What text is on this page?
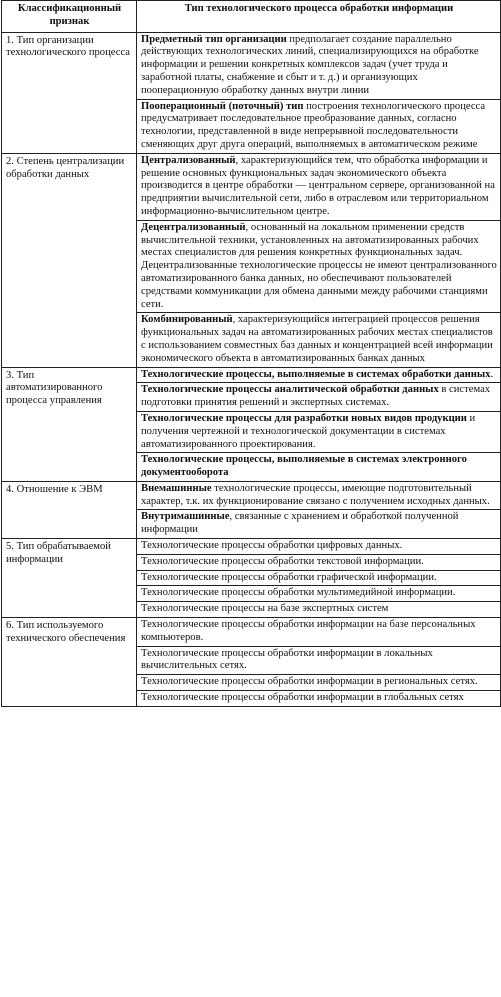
Классификационный признак	Тип технологического процесса обработки информации
1. Тип организации технологического процесса	Предметный тип организации предполагает создание параллельно действующих технологических линий, специализирующихся на обработке информации и решении конкретных комплексов задач (учет труда и заработной платы, снабжение и сбыт и т. д.) и организующих пооперационную обработку данных внутри линии
	Пооперационный (поточный) тип построения технологического процесса предусматривает последовательное преобразование данных, согласно технологии, представленной в виде непрерывной последовательности сменяющих друг друга операций, выполняемых в автоматическом режиме
2. Степень централизации обработки данных	Централизованный, характеризующийся тем, что обработка информации и решение основных функциональных задач экономического объекта производится в центре обработки — центральном сервере, организованной на предприятии вычислительной сети, либо в отраслевом или территориальном информационно-вычислительном центре.
	Децентрализованный, основанный на локальном применении средств вычислительной техники, установленных на автоматизированных рабочих местах специалистов для решения конкретных функциональных задач. Децентрализованные технологические процессы не имеют централизованного автоматизированного банка данных, но обеспечивают пользователей средствами коммуникации для обмена данными между рабочими станциями сети.
	Комбинированный, характеризующийся интеграцией процессов решения функциональных задач на автоматизированных рабочих местах специалистов с использованием совместных баз данных и концентрацией всей информации экономического объекта в автоматизированных банках данных
3. Тип автоматизированного процесса управления	Технологические процессы, выполняемые в системах обработки данных.
	Технологические процессы аналитической обработки данных в системах подготовки принятия решений и экспертных системах.
	Технологические процессы для разработки новых видов продукции и получения чертежной и технологической документации в системах автоматизированного проектирования.
	Технологические процессы, выполняемые в системах электронного документооборота
4. Отношение к ЭВМ	Внемашинные технологические процессы, имеющие подготовительный характер, т.к. их функционирование связано с получением исходных данных.
	Внутримашинные, связанные с хранением и обработкой полученной информации
5. Тип обрабатываемой информации	Технологические процессы обработки цифровых данных.
	Технологические процессы обработки текстовой информации.
	Технологические процессы обработки графической информации.
	Технологические процессы обработки мультимедийной информации.
	Технологические процессы на базе экспертных систем
6. Тип используемого технического обеспечения	Технологические процессы обработки информации на базе персональных компьютеров.
	Технологические процессы обработки информации в локальных вычислительных сетях.
	Технологические процессы обработки информации в региональных сетях.
	Технологические процессы обработки информации в глобальных сетях
